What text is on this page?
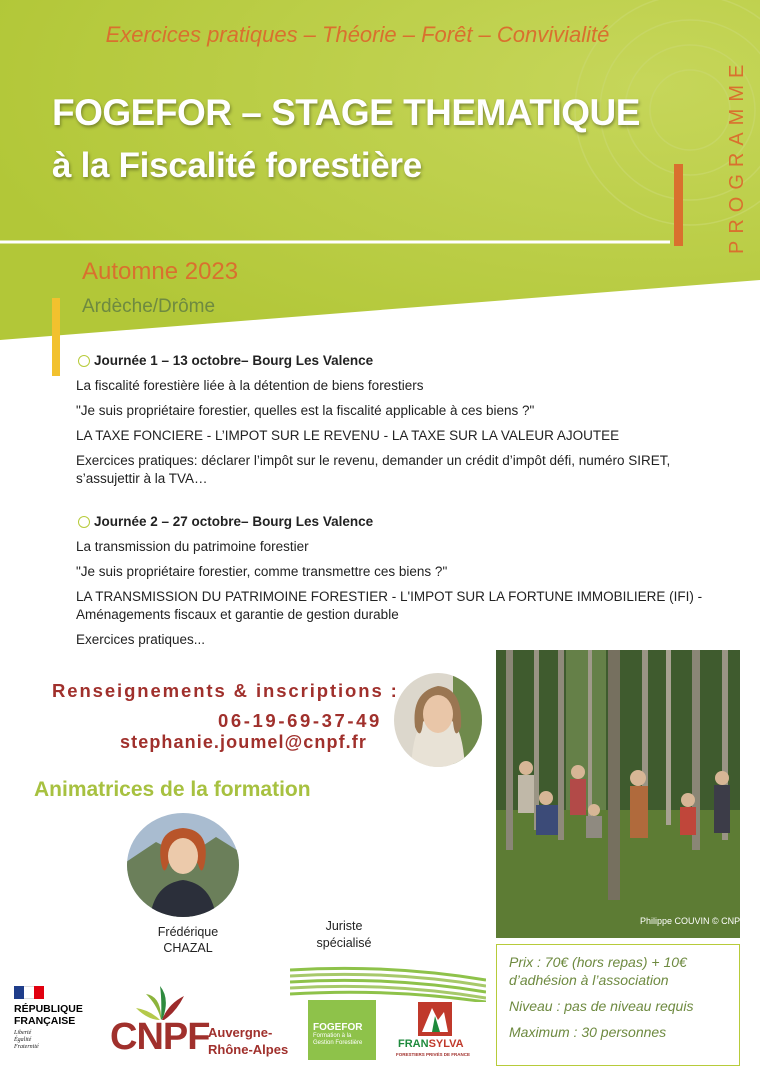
Exercices pratiques – Théorie – Forêt – Convivialité
FOGEFOR – STAGE THEMATIQUE
à la Fiscalité forestière	PROGRAMME
Automne 2023
Ardèche/Drôme
Journée 1 – 13 octobre– Bourg Les Valence

La fiscalité forestière liée à la détention de biens forestiers

"Je suis propriétaire forestier, quelles est la fiscalité applicable à ces biens ?"

LA TAXE FONCIERE - L’IMPOT SUR LE REVENU - LA TAXE SUR LA VALEUR AJOUTEE

Exercices pratiques: déclarer l’impôt sur le revenu, demander un crédit d’impôt défi, numéro SIRET, s’assujettir à la TVA…

Journée 2 – 27 octobre– Bourg Les Valence

La transmission du patrimoine forestier

"Je suis propriétaire forestier, comme transmettre ces biens ?"

LA TRANSMISSION DU PATRIMOINE FORESTIER - L'IMPOT SUR LA FORTUNE IMMOBILIERE (IFI) - Aménagements fiscaux et garantie de gestion durable

Exercices pratiques...

Renseignements & inscriptions :
06-19-69-37-49
stephanie.joumel@cnpf.fr
Animatrices de la formation
Frédérique
CHAZAL
Juriste
spécialisé
Philippe COUVIN © CNPF
Prix : 70€ (hors repas) + 10€ d’adhésion à l’association
Niveau : pas de niveau requis
Maximum : 30 personnes
RÉPUBLIQUE
FRANÇAISE
Liberté
Égalité
Fraternité	CNPF
Auvergne-
Rhône-Alpes
FOGEFOR
Formation à la
Gestion Forestière	FRANSYLVA
FORESTIERS PRIVÉS DE FRANCE
